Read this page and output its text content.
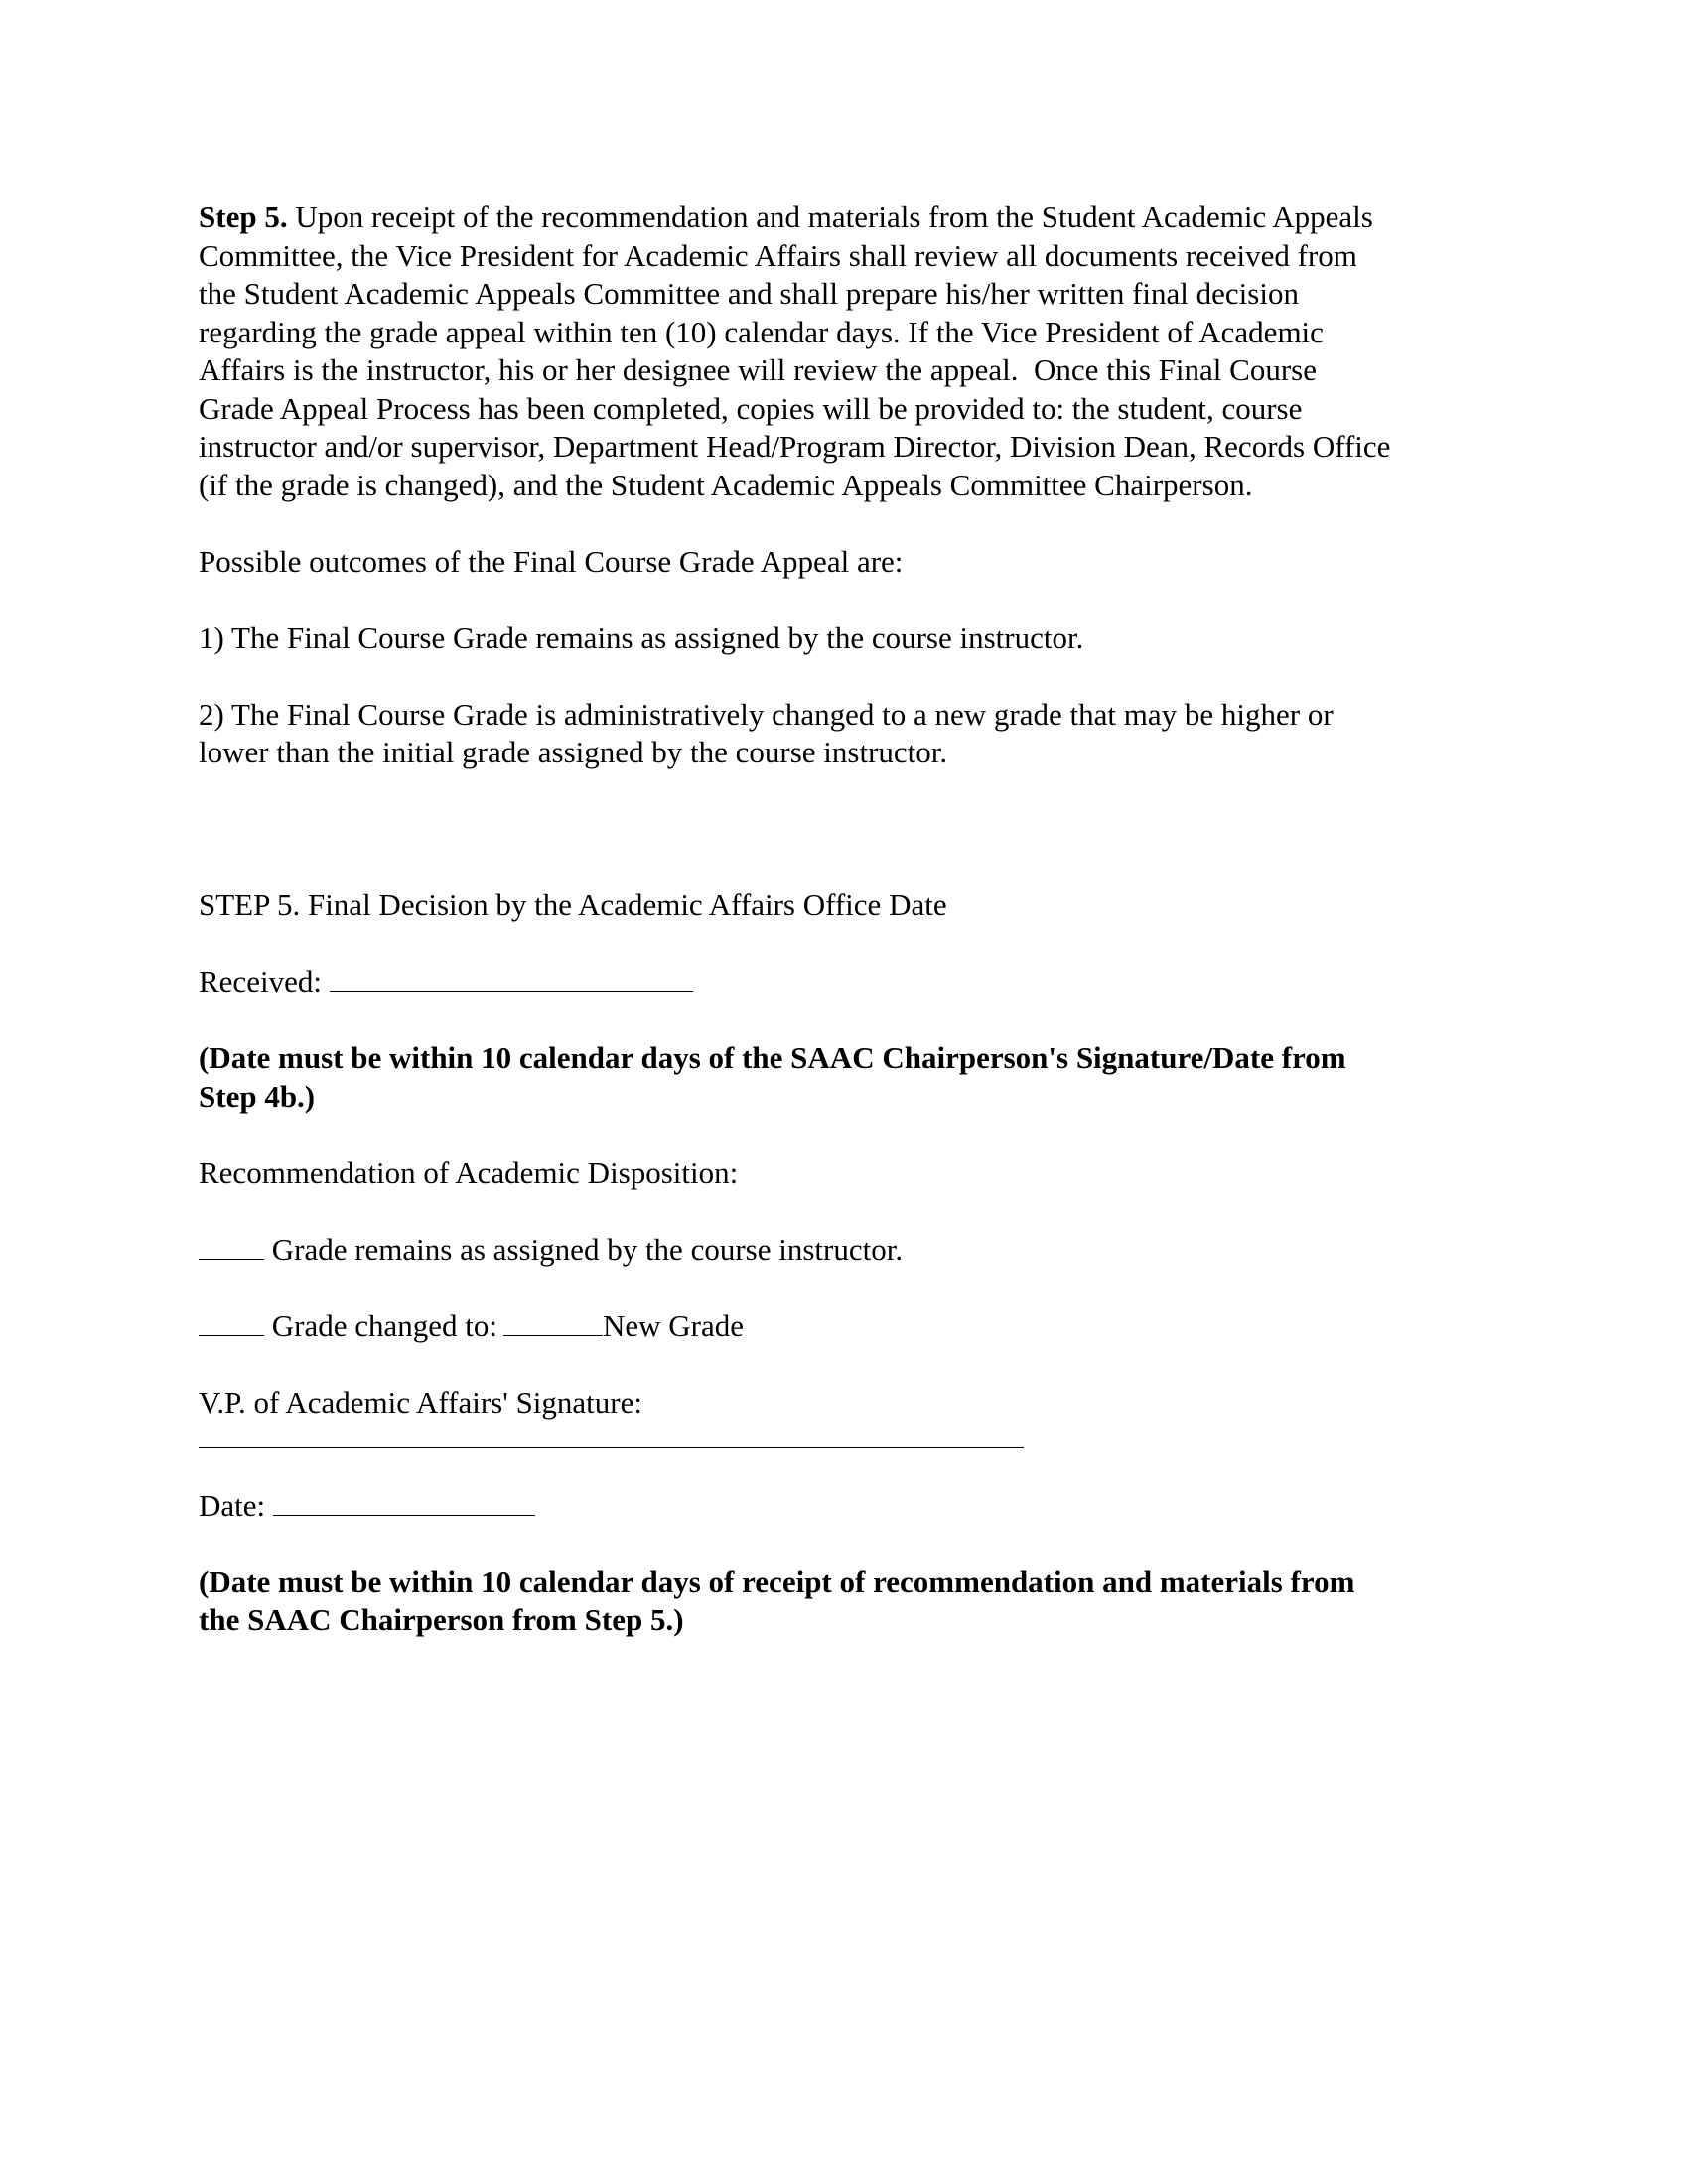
Step 5. Upon receipt of the recommendation and materials from the Student Academic Appeals
Committee, the Vice President for Academic Affairs shall review all documents received from
the Student Academic Appeals Committee and shall prepare his/her written final decision
regarding the grade appeal within ten (10) calendar days. If the Vice President of Academic
Affairs is the instructor, his or her designee will review the appeal.  Once this Final Course
Grade Appeal Process has been completed, copies will be provided to: the student, course
instructor and/or supervisor, Department Head/Program Director, Division Dean, Records Office
(if the grade is changed), and the Student Academic Appeals Committee Chairperson.

Possible outcomes of the Final Course Grade Appeal are:

1) The Final Course Grade remains as assigned by the course instructor.

2) The Final Course Grade is administratively changed to a new grade that may be higher or
lower than the initial grade assigned by the course instructor.

STEP 5. Final Decision by the Academic Affairs Office Date

Received:

(Date must be within 10 calendar days of the SAAC Chairperson's Signature/Date from
Step 4b.)

Recommendation of Academic Disposition:

Grade remains as assigned by the course instructor.

Grade changed to:	New Grade

V.P. of Academic Affairs' Signature:

Date:

(Date must be within 10 calendar days of receipt of recommendation and materials from
the SAAC Chairperson from Step 5.)
